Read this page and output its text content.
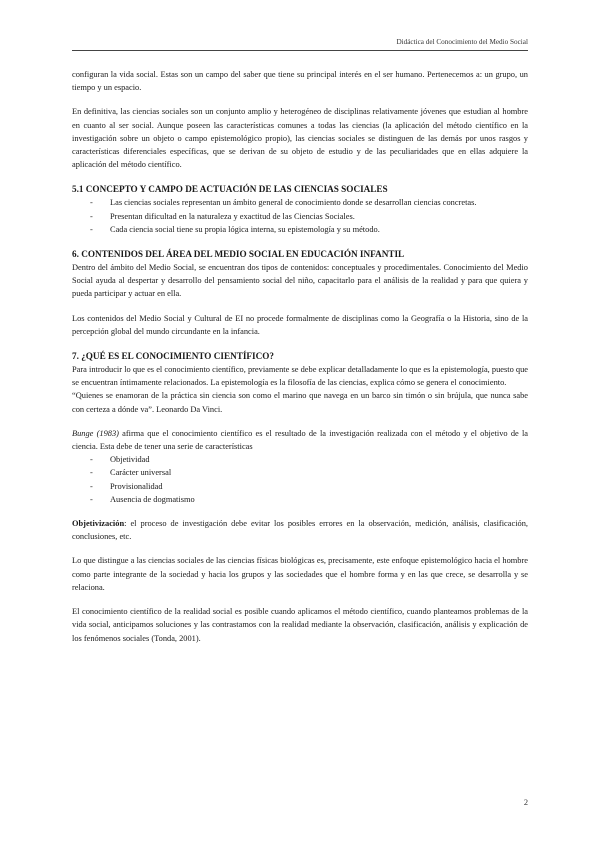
Didáctica del Conocimiento del Medio Social

configuran la vida social. Estas son un campo del saber que tiene su principal interés en el ser humano. Pertenecemos a: un grupo, un tiempo y un espacio.

En definitiva, las ciencias sociales son un conjunto amplio y heterogéneo de disciplinas relativamente jóvenes que estudian al hombre en cuanto al ser social. Aunque poseen las características comunes a todas las ciencias (la aplicación del método científico en la investigación sobre un objeto o campo epistemológico propio), las ciencias sociales se distinguen de las demás por unos rasgos y características diferenciales específicas, que se derivan de su objeto de estudio y de las peculiaridades que en ellas adquiere la aplicación del método científico.

5.1 CONCEPTO Y CAMPO DE ACTUACIÓN DE LAS CIENCIAS SOCIALES

- Las ciencias sociales representan un ámbito general de conocimiento donde se desarrollan ciencias concretas.
- Presentan dificultad en la naturaleza y exactitud de las Ciencias Sociales.
- Cada ciencia social tiene su propia lógica interna, su epistemología y su método.

6. CONTENIDOS DEL ÁREA DEL MEDIO SOCIAL EN EDUCACIÓN INFANTIL

Dentro del ámbito del Medio Social, se encuentran dos tipos de contenidos: conceptuales y procedimentales. Conocimiento del Medio Social ayuda al despertar y desarrollo del pensamiento social del niño, capacitarlo para el análisis de la realidad y para que quiera y pueda participar y actuar en ella.

Los contenidos del Medio Social y Cultural de EI no procede formalmente de disciplinas como la Geografía o la Historia, sino de la percepción global del mundo circundante en la infancia.

7. ¿QUÉ ES EL CONOCIMIENTO CIENTÍFICO?

Para introducir lo que es el conocimiento científico, previamente se debe explicar detalladamente lo que es la epistemología, puesto que se encuentran íntimamente relacionados. La epistemología es la filosofía de las ciencias, explica cómo se genera el conocimiento.

“Quienes se enamoran de la práctica sin ciencia son como el marino que navega en un barco sin timón o sin brújula, que nunca sabe con certeza a dónde va”. Leonardo Da Vinci.

Bunge (1983) afirma que el conocimiento científico es el resultado de la investigación realizada con el método y el objetivo de la ciencia. Esta debe de tener una serie de características

- Objetividad
- Carácter universal
- Provisionalidad
- Ausencia de dogmatismo

Objetivización: el proceso de investigación debe evitar los posibles errores en la observación, medición, análisis, clasificación, conclusiones, etc.

Lo que distingue a las ciencias sociales de las ciencias físicas biológicas es, precisamente, este enfoque epistemológico hacia el hombre como parte integrante de la sociedad y hacia los grupos y las sociedades que el hombre forma y en las que crece, se desarrolla y se relaciona.

El conocimiento científico de la realidad social es posible cuando aplicamos el método científico, cuando planteamos problemas de la vida social, anticipamos soluciones y las contrastamos con la realidad mediante la observación, clasificación, análisis y explicación de los fenómenos sociales (Tonda, 2001).

2
